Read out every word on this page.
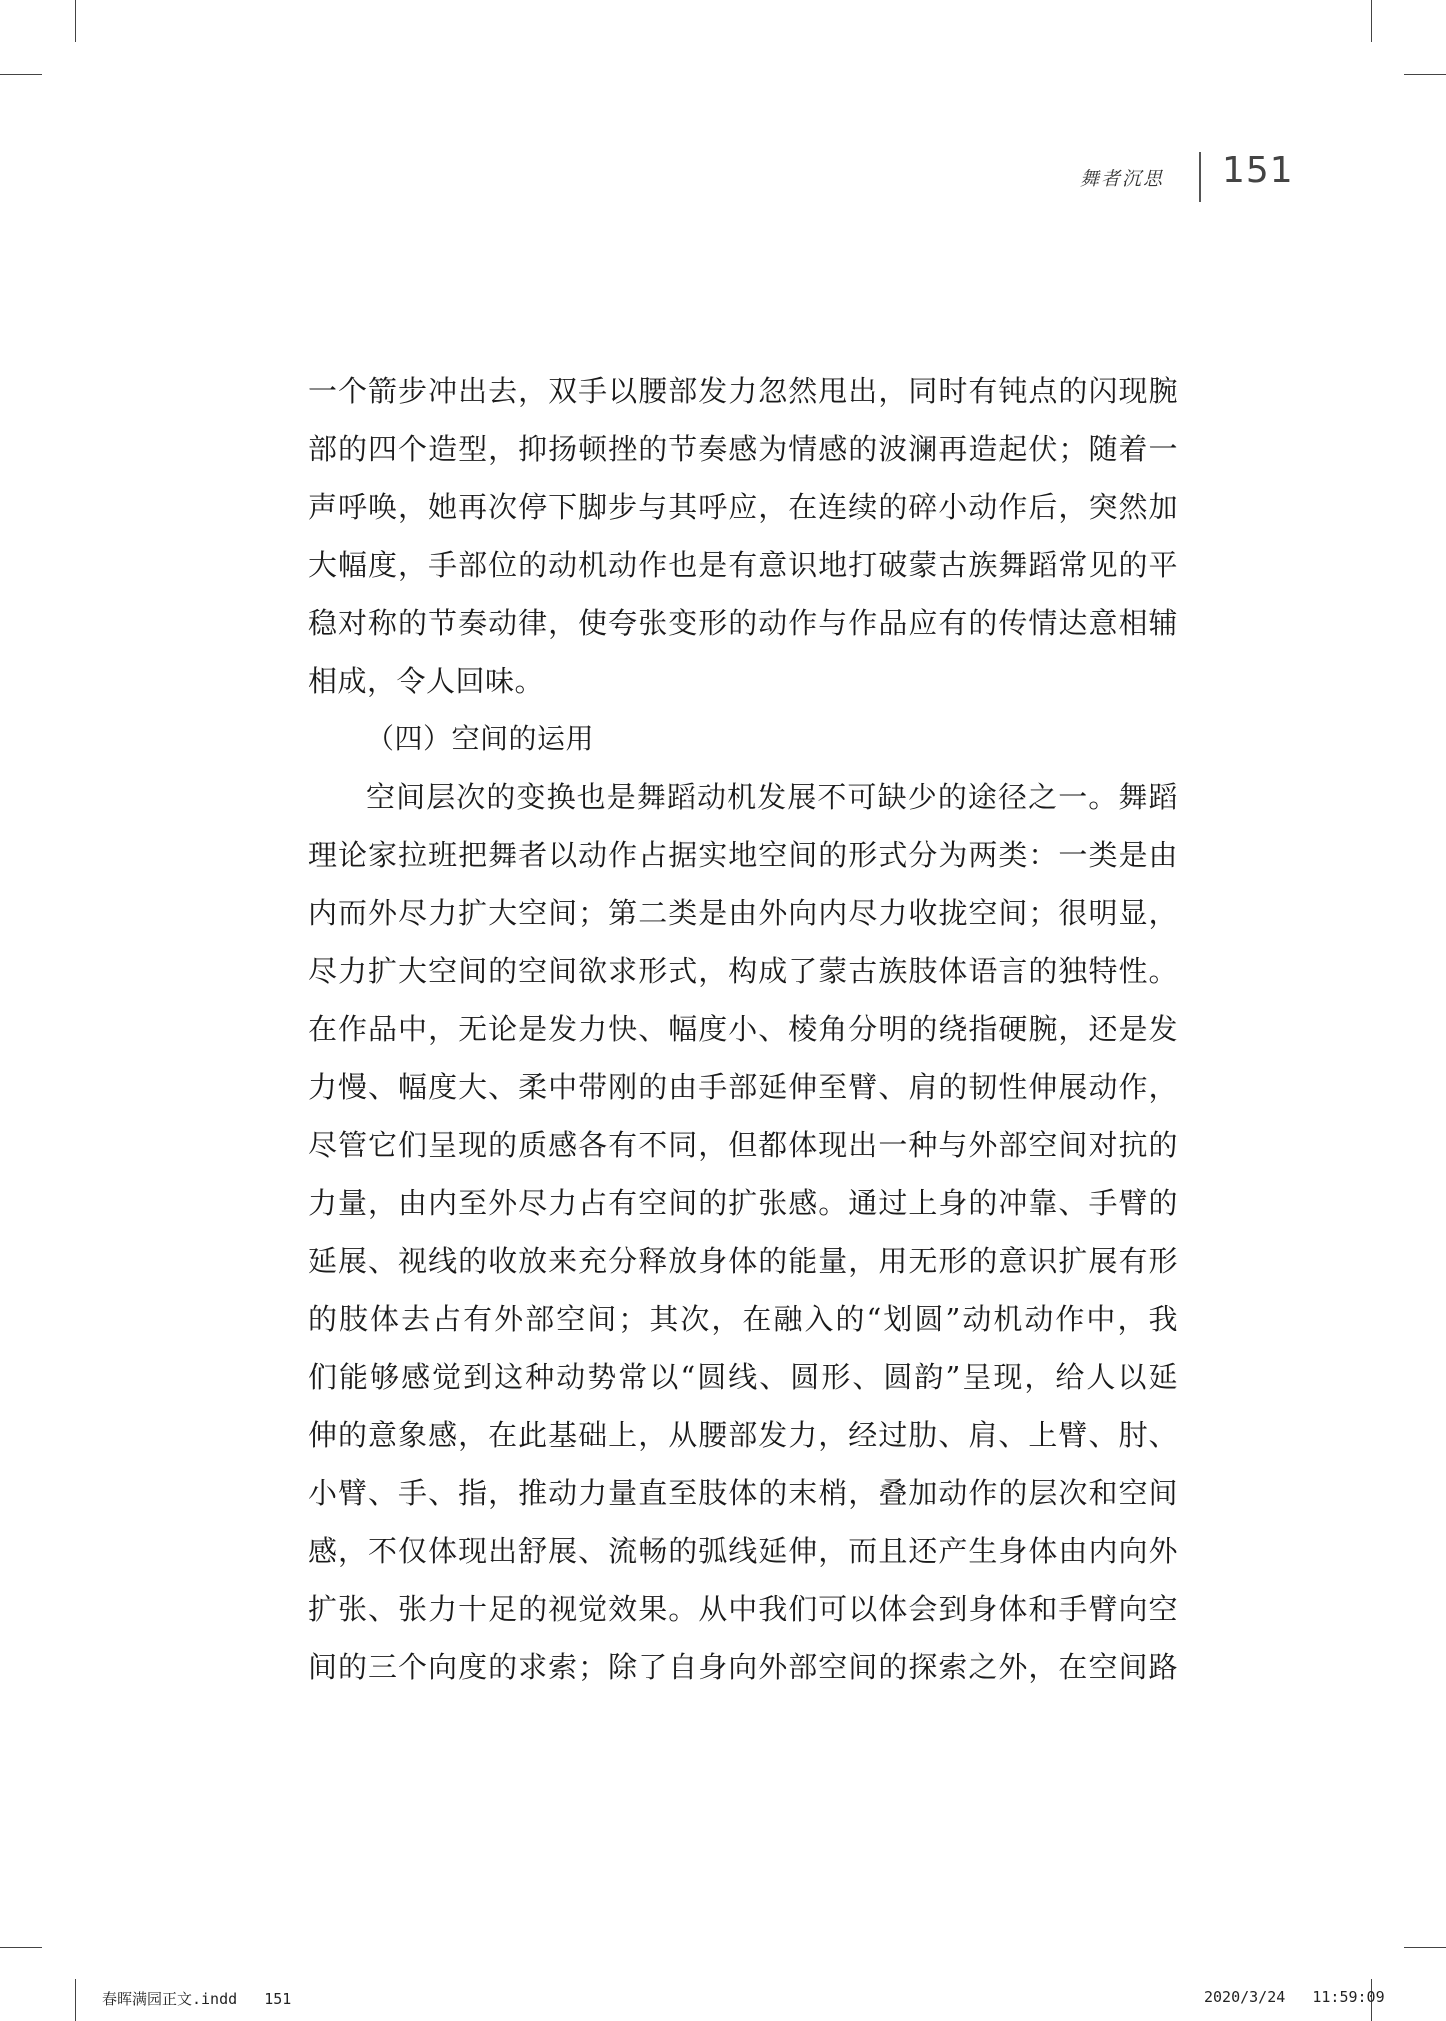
舞者沉思 151
一个箭步冲出去，双手以腰部发力忽然甩出，同时有钝点的闪现腕
部的四个造型，抑扬顿挫的节奏感为情感的波澜再造起伏；随着一
声呼唤，她再次停下脚步与其呼应，在连续的碎小动作后，突然加
大幅度，手部位的动机动作也是有意识地打破蒙古族舞蹈常见的平
稳对称的节奏动律，使夸张变形的动作与作品应有的传情达意相辅
相成，令人回味。
（四）空间的运用
空间层次的变换也是舞蹈动机发展不可缺少的途径之一。舞蹈
理论家拉班把舞者以动作占据实地空间的形式分为两类：一类是由
内而外尽力扩大空间；第二类是由外向内尽力收拢空间；很明显，
尽力扩大空间的空间欲求形式，构成了蒙古族肢体语言的独特性。
在作品中，无论是发力快、幅度小、棱角分明的绕指硬腕，还是发
力慢、幅度大、柔中带刚的由手部延伸至臂、肩的韧性伸展动作，
尽管它们呈现的质感各有不同，但都体现出一种与外部空间对抗的
力量，由内至外尽力占有空间的扩张感。通过上身的冲靠、手臂的
延展、视线的收放来充分释放身体的能量，用无形的意识扩展有形
的肢体去占有外部空间；其次，在融入的“划圆”动机动作中，我
们能够感觉到这种动势常以“圆线、圆形、圆韵”呈现，给人以延
伸的意象感，在此基础上，从腰部发力，经过肋、肩、上臂、肘、
小臂、手、指，推动力量直至肢体的末梢，叠加动作的层次和空间
感，不仅体现出舒展、流畅的弧线延伸，而且还产生身体由内向外
扩张、张力十足的视觉效果。从中我们可以体会到身体和手臂向空
间的三个向度的求索；除了自身向外部空间的探索之外，在空间路
春晖满园正文.indd   151	2020/3/24   11:59:09
